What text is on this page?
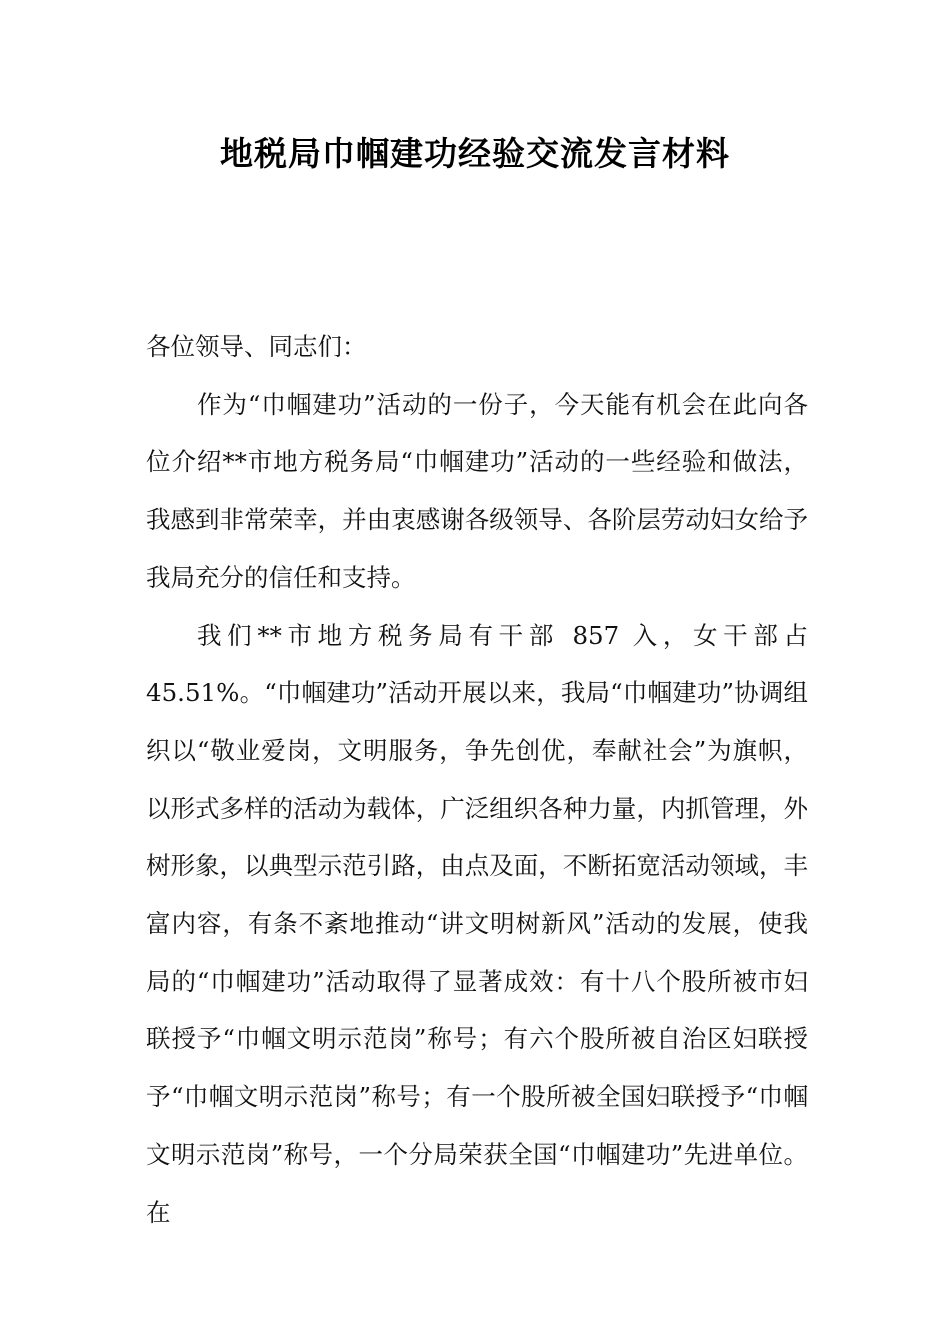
地税局巾帼建功经验交流发言材料

各位领导、同志们：

作为“巾帼建功”活动的一份子，今天能有机会在此向各位介绍**市地方税务局“巾帼建功”活动的一些经验和做法，我感到非常荣幸，并由衷感谢各级领导、各阶层劳动妇女给予我局充分的信任和支持。

我们**市地方税务局有干部 857 入，女干部占45.51%。“巾帼建功”活动开展以来，我局“巾帼建功”协调组织以“敬业爱岗，文明服务，争先创优，奉献社会”为旗帜，以形式多样的活动为载体，广泛组织各种力量，内抓管理，外树形象，以典型示范引路，由点及面，不断拓宽活动领域，丰富内容，有条不紊地推动“讲文明树新风”活动的发展，使我局的“巾帼建功”活动取得了显著成效：有十八个股所被市妇联授予“巾帼文明示范岗”称号；有六个股所被自治区妇联授予“巾帼文明示范岗”称号；有一个股所被全国妇联授予“巾帼文明示范岗”称号，一个分局荣获全国“巾帼建功”先进单位。在
